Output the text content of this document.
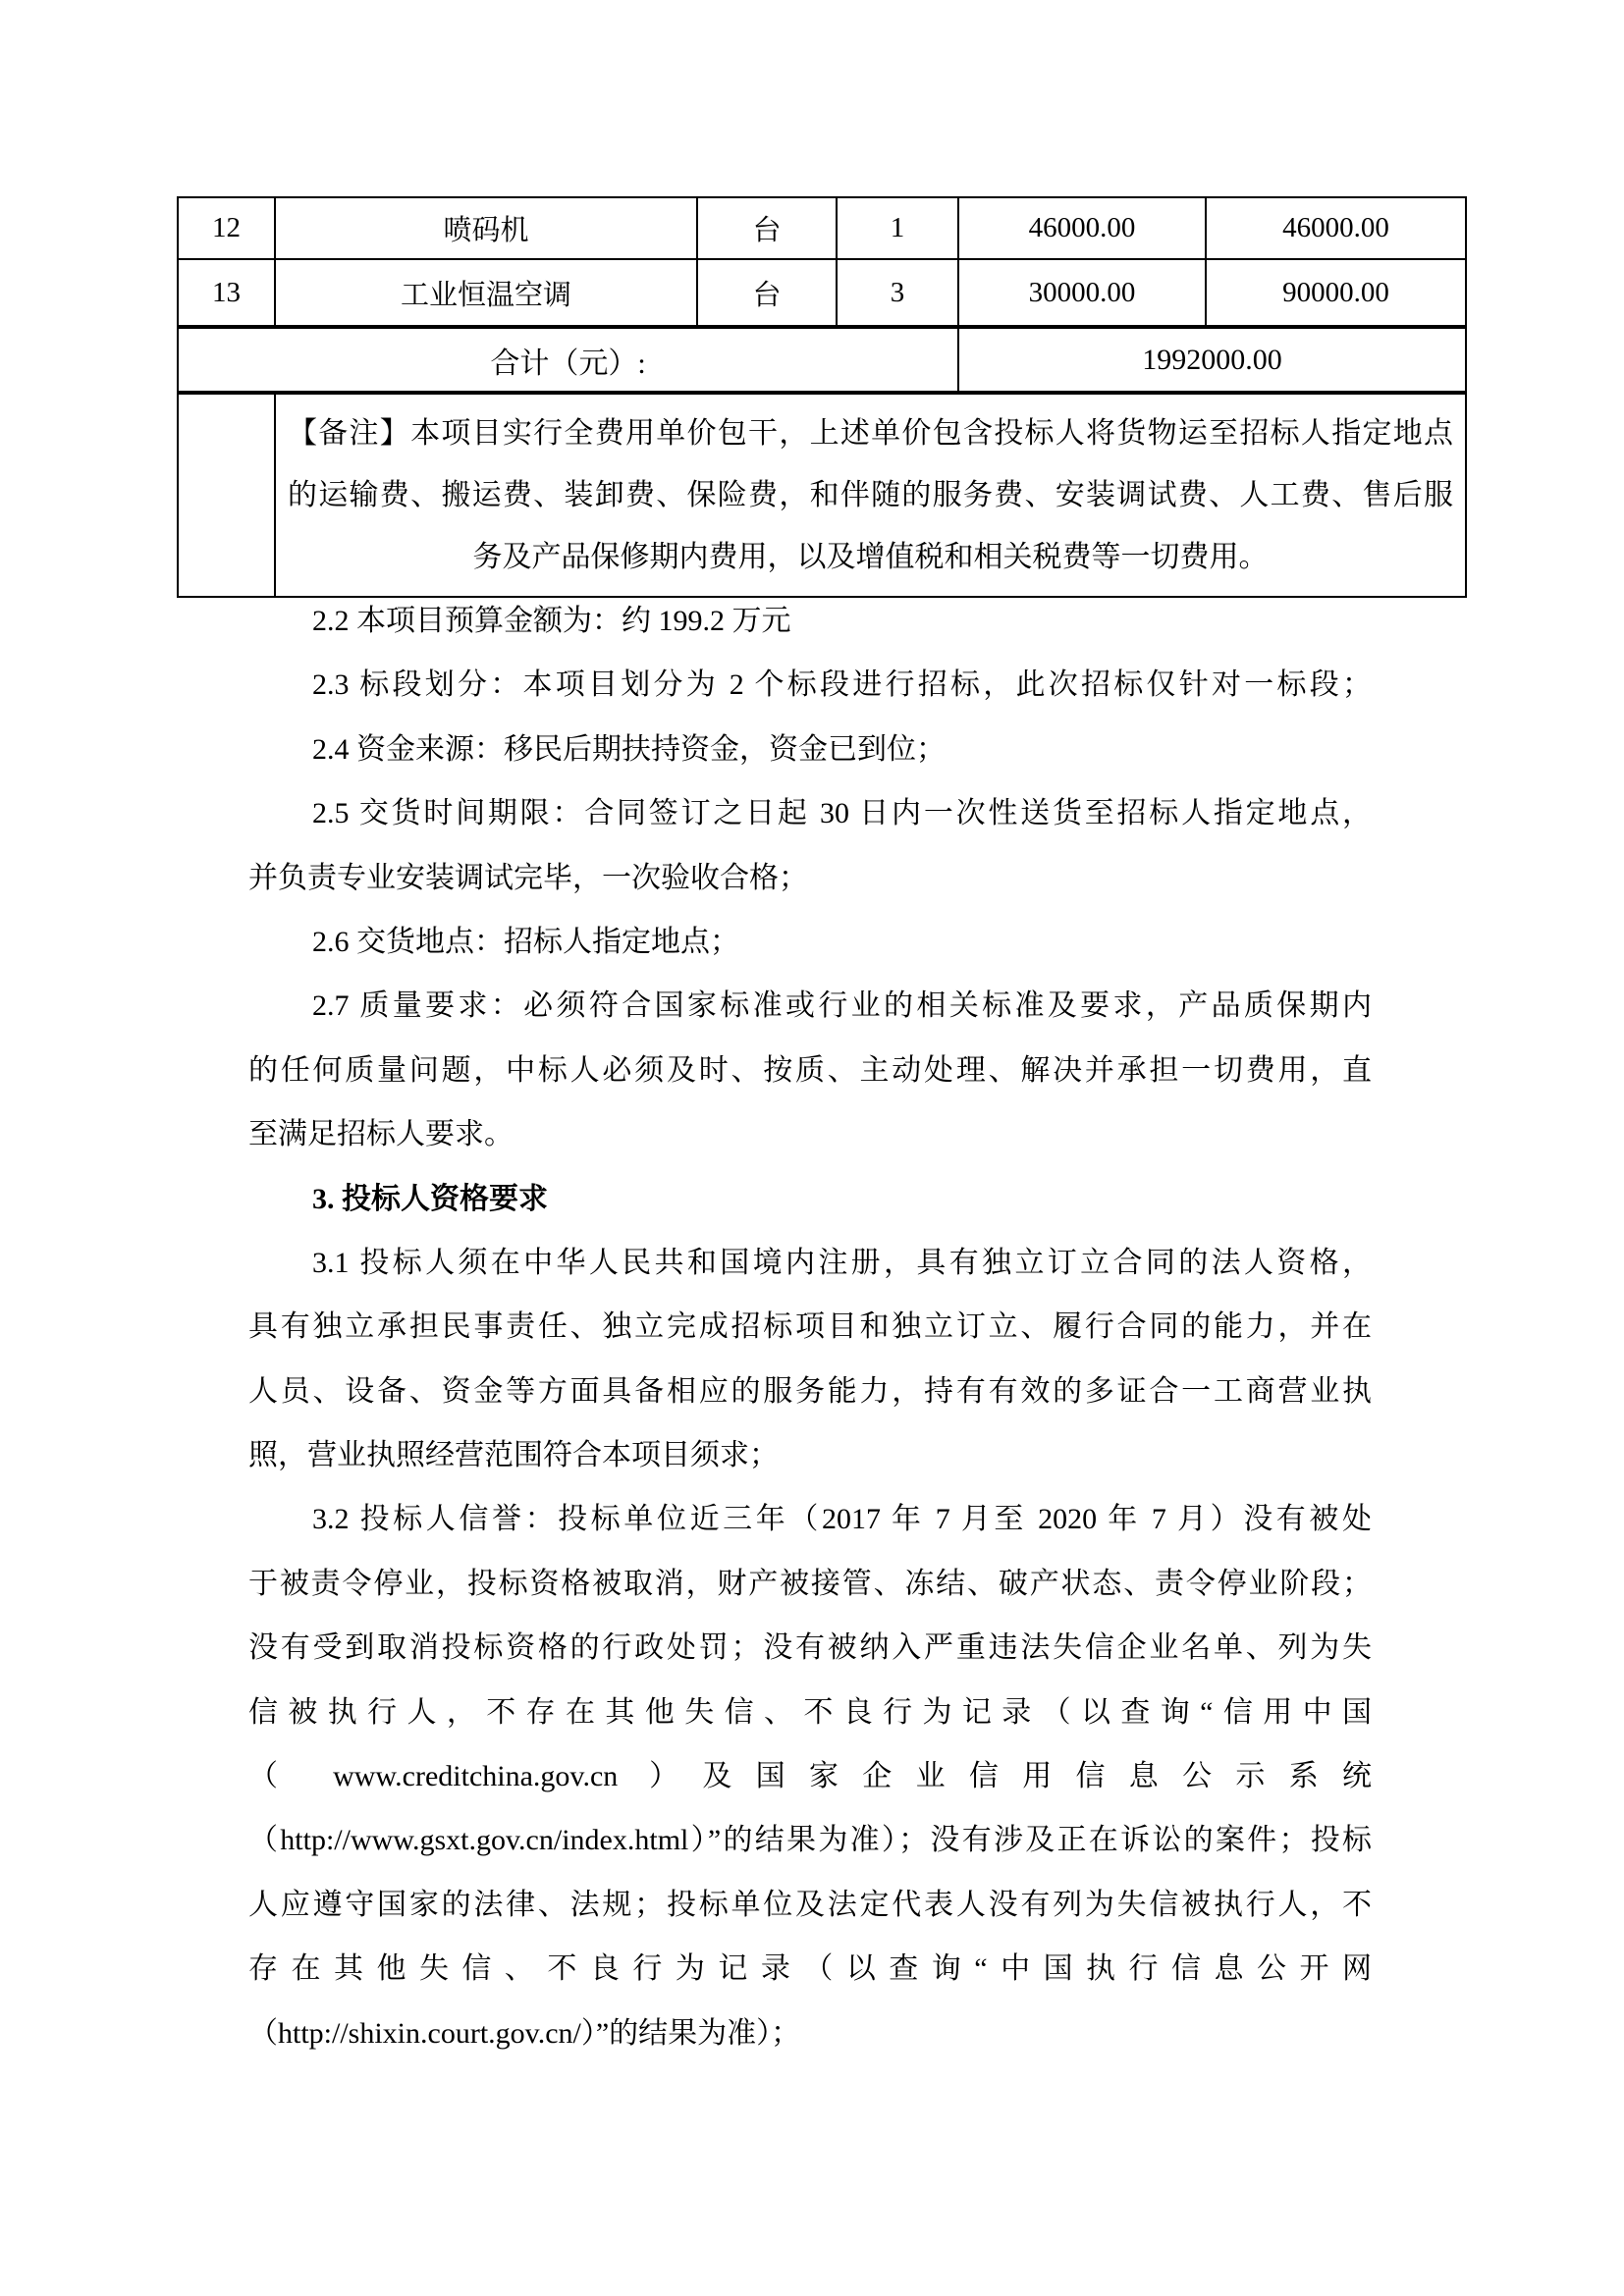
12	喷码机	台	1	46000.00	46000.00
13	工业恒温空调	台	3	30000.00	90000.00
合计（元）:				1992000.00	

	【备注】本项目实行全费用单价包干，上述单价包含投标人将货物运至招标人指定地点
的运输费、搬运费、装卸费、保险费，和伴随的服务费、安装调试费、人工费、售后服
务及产品保修期内费用，以及增值税和相关税费等一切费用。				
2.2 本项目预算金额为：约 199.2 万元
2.3 标段划分：本项目划分为 2 个标段进行招标，此次招标仅针对一标段；
2.4 资金来源：移民后期扶持资金，资金已到位；
2.5 交货时间期限：合同签订之日起 30 日内一次性送货至招标人指定地点，
并负责专业安装调试完毕，一次验收合格；
2.6 交货地点：招标人指定地点；
2.7 质量要求：必须符合国家标准或行业的相关标准及要求，产品质保期内
的任何质量问题，中标人必须及时、按质、主动处理、解决并承担一切费用，直
至满足招标人要求。
3. 投标人资格要求
3.1 投标人须在中华人民共和国境内注册，具有独立订立合同的法人资格，
具有独立承担民事责任、独立完成招标项目和独立订立、履行合同的能力，并在
人员、设备、资金等方面具备相应的服务能力，持有有效的多证合一工商营业执
照，营业执照经营范围符合本项目须求；
3.2 投标人信誉：投标单位近三年（2017 年 7 月至 2020 年 7 月）没有被处
于被责令停业，投标资格被取消，财产被接管、冻结、破产状态、责令停业阶段；
没有受到取消投标资格的行政处罚；没有被纳入严重违法失信企业名单、列为失
信被执行人，不存在其他失信、不良行为记录（以查询“信用中国
（ www.creditchina.gov.cn ）及国家企业信用信息公示系统
（http://www.gsxt.gov.cn/index.html）”的结果为准）；没有涉及正在诉讼的案件；投标
人应遵守国家的法律、法规；投标单位及法定代表人没有列为失信被执行人，不
存在其他失信、不良行为记录（以查询“中国执行信息公开网
（http://shixin.court.gov.cn/）”的结果为准）；
